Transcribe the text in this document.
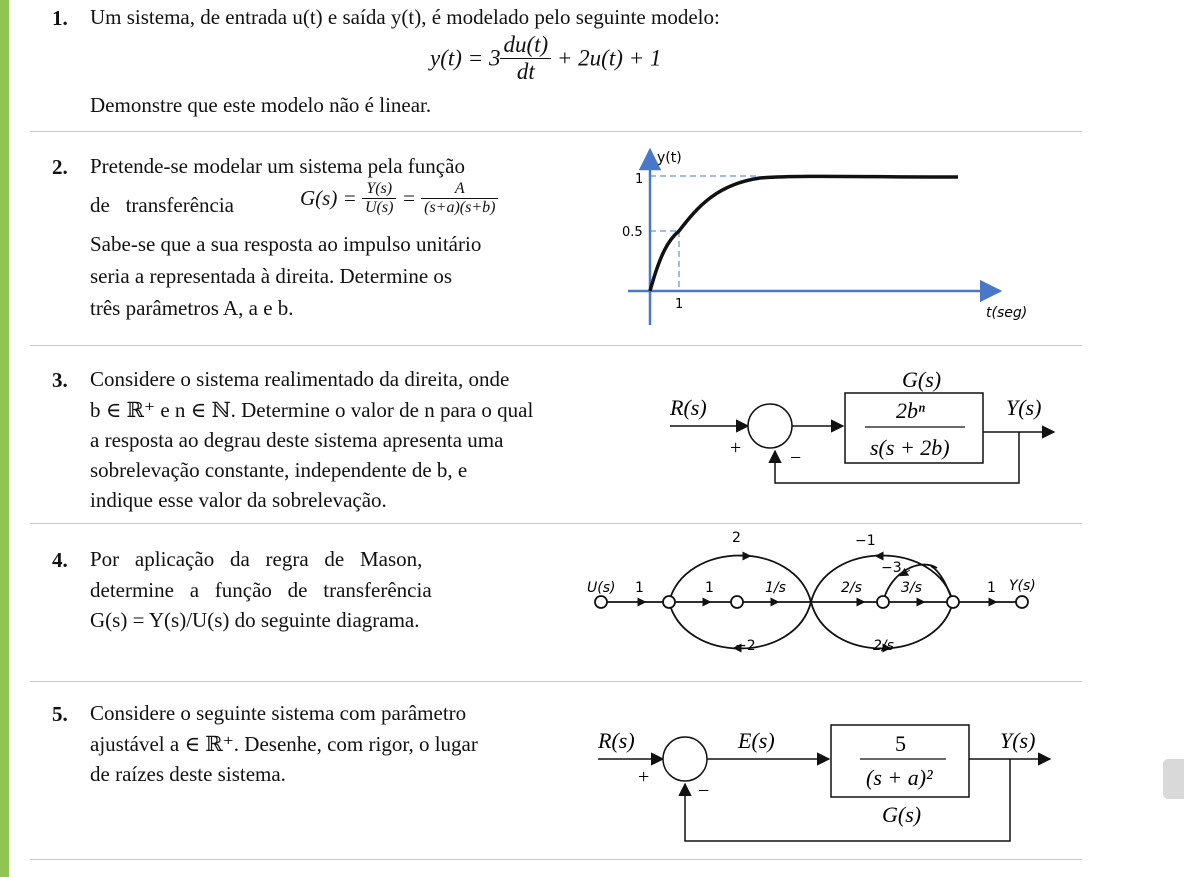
1. Um sistema, de entrada u(t) e saída y(t), é modelado pelo seguinte modelo:
$y(t) = 3 \frac{du(t)}{dt} + 2u(t) + 1$
Demonstre que este modelo não é linear.
2. Pretende-se modelar um sistema pela função
de   transferência	$G(s) = \frac{Y(s)}{U(s)} = \frac{A}{(s+a)(s+b)}$
Sabe-se que a sua resposta ao impulso unitário
seria a representada à direita. Determine os
três parâmetros A, a e b.
y(t)
1
0.5
1
t(seg)
3. Considere o sistema realimentado da direita, onde
b ∈ ℝ⁺ e n ∈ ℕ. Determine o valor de n para o qual
a resposta ao degrau deste sistema apresenta uma
sobrelevação constante, independente de b, e
indique esse valor da sobrelevação.
R(s)
G(s)
2bⁿ
s(s + 2b)
Y(s)
+ −
4. Por   aplicação   da   regra   de   Mason,
determine   a   função   de   transferência
G(s) = Y(s)/U(s) do seguinte diagrama.
U(s) 1	1	1/s	2/s	3/s	1 Y(s)
2
−2
−1
−3
2/s
5. Considere o seguinte sistema com parâmetro
ajustável a ∈ ℝ⁺. Desenhe, com rigor, o lugar
de raízes deste sistema.
R(s)	E(s)	5
(s + a)²
G(s)
Y(s)
+
−
